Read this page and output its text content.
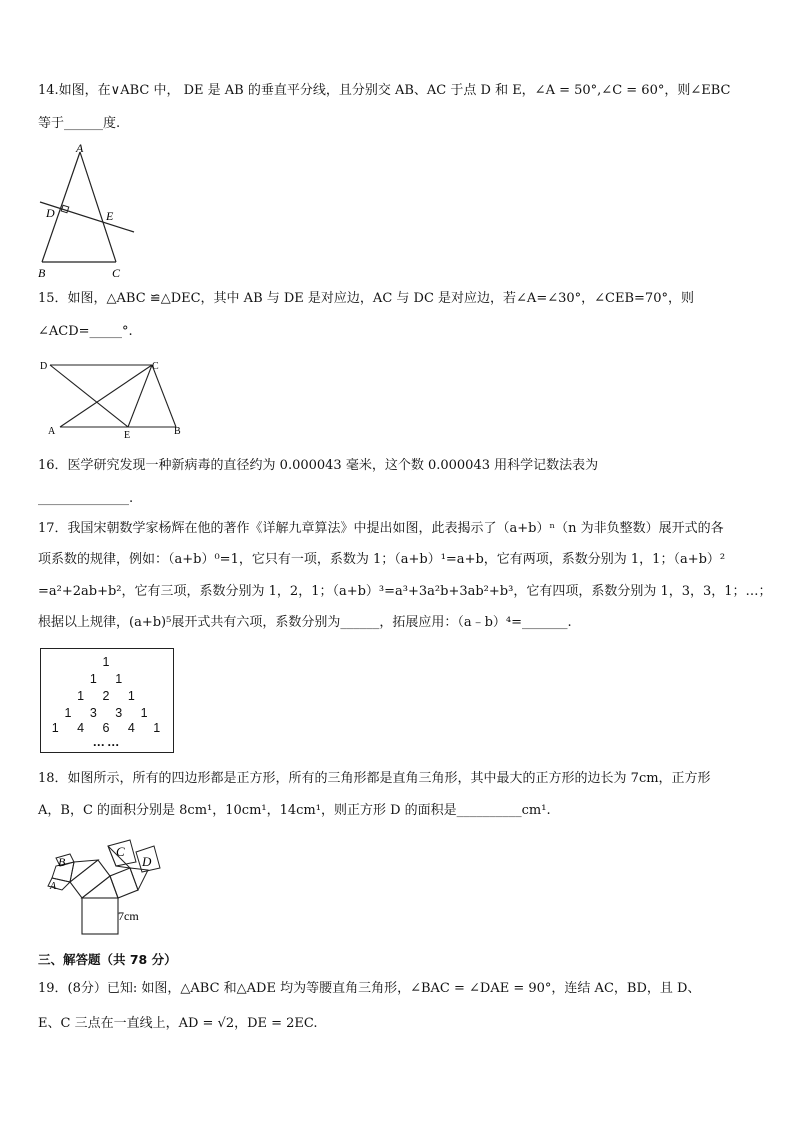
14.如图，在∨ABC 中， DE 是 AB 的垂直平分线，且分别交 AB、AC 于点 D 和 E，∠A = 50°,∠C = 60°，则∠EBC
等于______度.
A
B	C
D	E
15．如图，△ABC ≌△DEC，其中 AB 与 DE 是对应边，AC 与 DC 是对应边，若∠A=∠30°，∠CEB=70°，则
∠ACD=_____°.
D	C
A	E	B
16．医学研究发现一种新病毒的直径约为 0.000043 毫米，这个数 0.000043 用科学记数法表为
______________.
17．我国宋朝数学家杨辉在他的著作《详解九章算法》中提出如图，此表揭示了（a+b）ⁿ（n 为非负整数）展开式的各
项系数的规律，例如：（a+b）⁰=1，它只有一项，系数为 1；（a+b）¹=a+b，它有两项，系数分别为 1，1；（a+b）²
=a²+2ab+b²，它有三项，系数分别为 1，2，1；（a+b）³=a³+3a²b+3ab²+b³，它有四项，系数分别为 1，3，3，1；…；
根据以上规律，(a+b)⁵展开式共有六项，系数分别为______，拓展应用：（a﹣b）⁴=_______.
1
1   1
1   2   1
1   3   3   1
1   4   6   4   1
……
18．如图所示，所有的四边形都是正方形，所有的三角形都是直角三角形，其中最大的正方形的边长为 7cm，正方形
A，B，C 的面积分别是 8cm¹，10cm¹，14cm¹，则正方形 D 的面积是__________cm¹.
B
A
C
D
7cm
三、解答题（共 78 分）
19．(8分）已知: 如图，△ABC 和△ADE 均为等腰直角三角形，∠BAC = ∠DAE = 90°，连结 AC，BD，且 D、
E、C 三点在一直线上，AD = √2，DE = 2EC.
